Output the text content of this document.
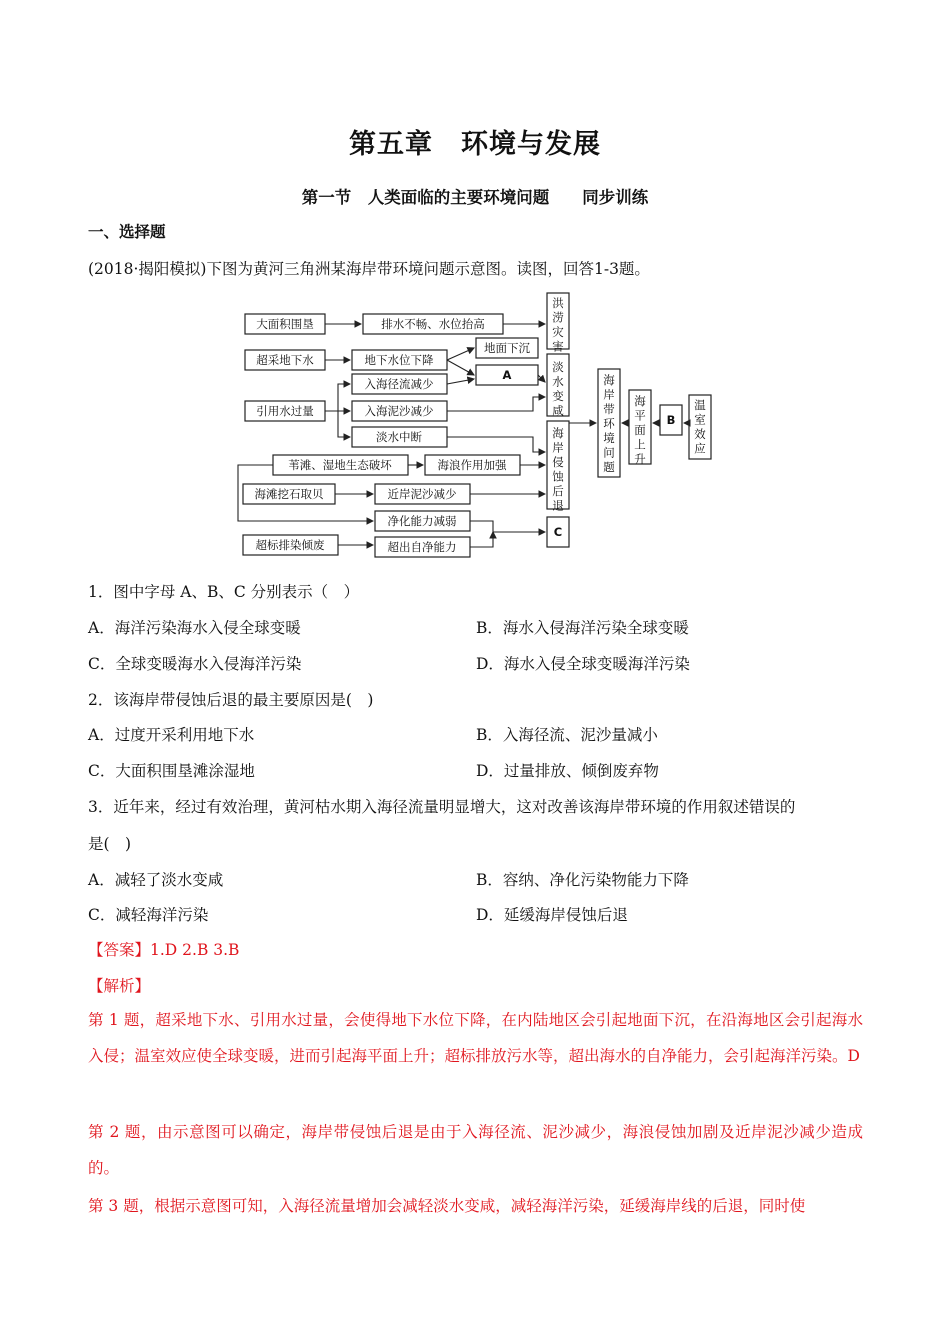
第五章　环境与发展
第一节　人类面临的主要环境问题　　同步训练
一、选择题
(2018·揭阳模拟)下图为黄河三角洲某海岸带环境问题示意图。读图，回答1-3题。
大面积围垦
超采地下水
引用水过量
苇滩、湿地生态破坏
海滩挖石取贝
超标排染倾废
排水不畅、水位抬高
地下水位下降
地面下沉
A
入海径流减少
入海泥沙减少
淡水中断
海浪作用加强
近岸泥沙减少
净化能力减弱
超出自净能力
C
B
洪涝灾害
淡水变咸
海岸侵蚀后退
海岸带环境问题
海平面上升
温室效应
1．图中字母 A、B、C 分别表示（　）
A．海洋污染海水入侵全球变暖	B．海水入侵海洋污染全球变暖
C．全球变暖海水入侵海洋污染	D．海水入侵全球变暖海洋污染
2．该海岸带侵蚀后退的最主要原因是(　)
A．过度开采利用地下水	B．入海径流、泥沙量减小
C．大面积围垦滩涂湿地	D．过量排放、倾倒废弃物
3．近年来，经过有效治理，黄河枯水期入海径流量明显增大，这对改善该海岸带环境的作用叙述错误的
是(　)
A．减轻了淡水变咸	B．容纳、净化污染物能力下降
C．减轻海洋污染	D．延缓海岸侵蚀后退
【答案】1.D 2.B 3.B
【解析】
第 1 题，超采地下水、引用水过量，会使得地下水位下降，在内陆地区会引起地面下沉，在沿海地区会引起海水入侵；温室效应使全球变暖，进而引起海平面上升；超标排放污水等，超出海水的自净能力，会引起海洋污染。D
第 2 题，由示意图可以确定，海岸带侵蚀后退是由于入海径流、泥沙减少，海浪侵蚀加剧及近岸泥沙减少造成的。
第 3 题，根据示意图可知，入海径流量增加会减轻淡水变咸，减轻海洋污染，延缓海岸线的后退，同时使
